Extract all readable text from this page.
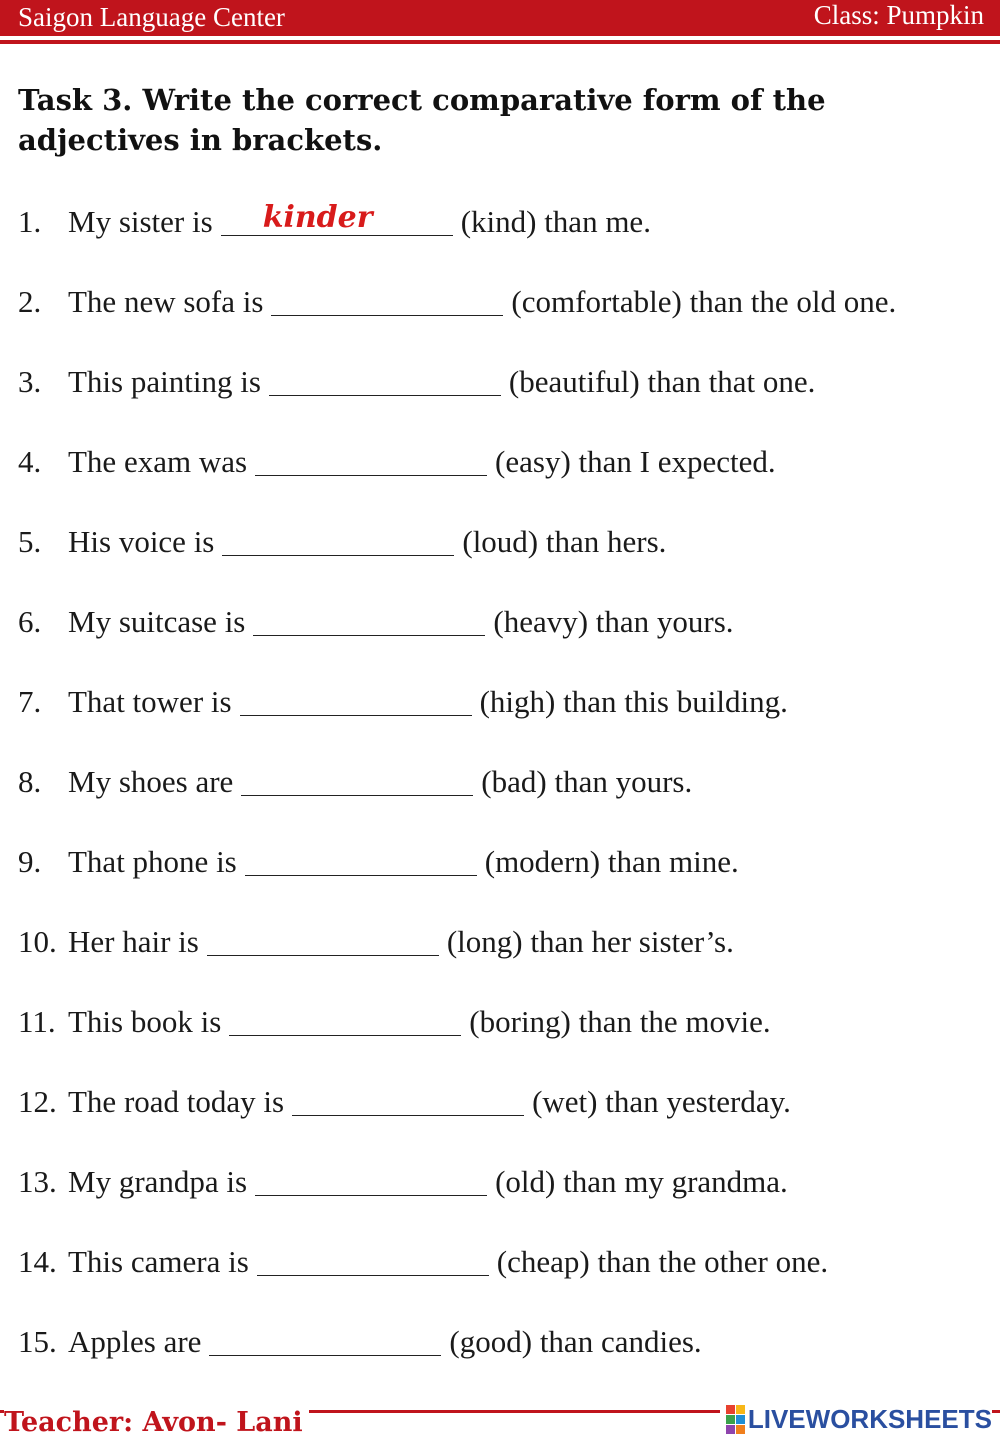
Saigon Language Center	Class: Pumpkin
Task 3. Write the correct comparative form of the adjectives in brackets.
1. My sister is kinder	(kind) than me.
2. The new sofa is	(comfortable) than the old one.
3. This painting is	(beautiful) than that one.
4. The exam was	(easy) than I expected.
5. His voice is	(loud) than hers.
6. My suitcase is	(heavy) than yours.
7. That tower is	(high) than this building.
8. My shoes are	(bad) than yours.
9. That phone is	(modern) than mine.
10. Her hair is	(long) than her sister’s.
11. This book is	(boring) than the movie.
12. The road today is	(wet) than yesterday.
13. My grandpa is	(old) than my grandma.
14. This camera is	(cheap) than the other one.
15. Apples are	(good) than candies.
Teacher: Avon- Lani	LIVEWORKSHEETS
